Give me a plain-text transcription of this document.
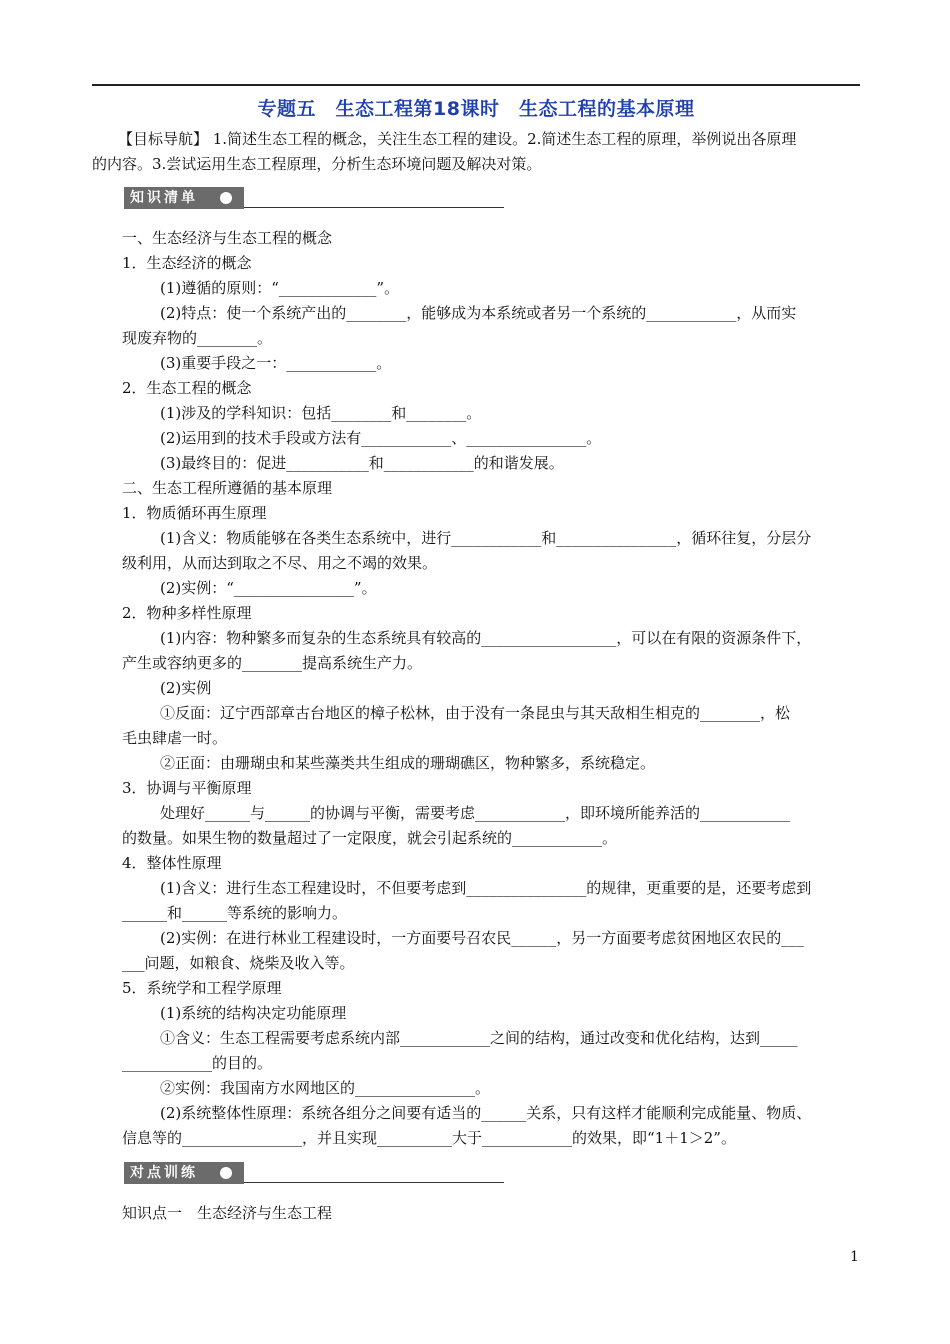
专题五　生态工程第18课时　生态工程的基本原理
【目标导航】 1.简述生态工程的概念，关注生态工程的建设。2.简述生态工程的原理，举例说出各原理
的内容。3.尝试运用生态工程原理，分析生态环境问题及解决对策。
知识清单
一、生态经济与生态工程的概念
1．生态经济的概念
(1)遵循的原则：“_____________”。
(2)特点：使一个系统产出的________，能够成为本系统或者另一个系统的____________，从而实
现废弃物的________。
(3)重要手段之一：____________。
2．生态工程的概念
(1)涉及的学科知识：包括________和________。
(2)运用到的技术手段或方法有____________、________________。
(3)最终目的：促进___________和____________的和谐发展。
二、生态工程所遵循的基本原理
1．物质循环再生原理
(1)含义：物质能够在各类生态系统中，进行____________和________________，循环往复，分层分
级利用，从而达到取之不尽、用之不竭的效果。
(2)实例：“________________”。
2．物种多样性原理
(1)内容：物种繁多而复杂的生态系统具有较高的__________________，可以在有限的资源条件下，
产生或容纳更多的________提高系统生产力。
(2)实例
①反面：辽宁西部章古台地区的樟子松林，由于没有一条昆虫与其天敌相生相克的________，松
毛虫肆虐一时。
②正面：由珊瑚虫和某些藻类共生组成的珊瑚礁区，物种繁多，系统稳定。
3．协调与平衡原理
处理好______与______的协调与平衡，需要考虑____________，即环境所能养活的____________
的数量。如果生物的数量超过了一定限度，就会引起系统的____________。
4．整体性原理
(1)含义：进行生态工程建设时，不但要考虑到________________的规律，更重要的是，还要考虑到
______和______等系统的影响力。
(2)实例：在进行林业工程建设时，一方面要号召农民______，另一方面要考虑贫困地区农民的___
___问题，如粮食、烧柴及收入等。
5．系统学和工程学原理
(1)系统的结构决定功能原理
①含义：生态工程需要考虑系统内部____________之间的结构，通过改变和优化结构，达到_____
____________的目的。
②实例：我国南方水网地区的________________。
(2)系统整体性原理：系统各组分之间要有适当的______关系，只有这样才能顺利完成能量、物质、
信息等的________________，并且实现__________大于____________的效果，即“1＋1＞2”。
对点训练
知识点一　生态经济与生态工程
1
